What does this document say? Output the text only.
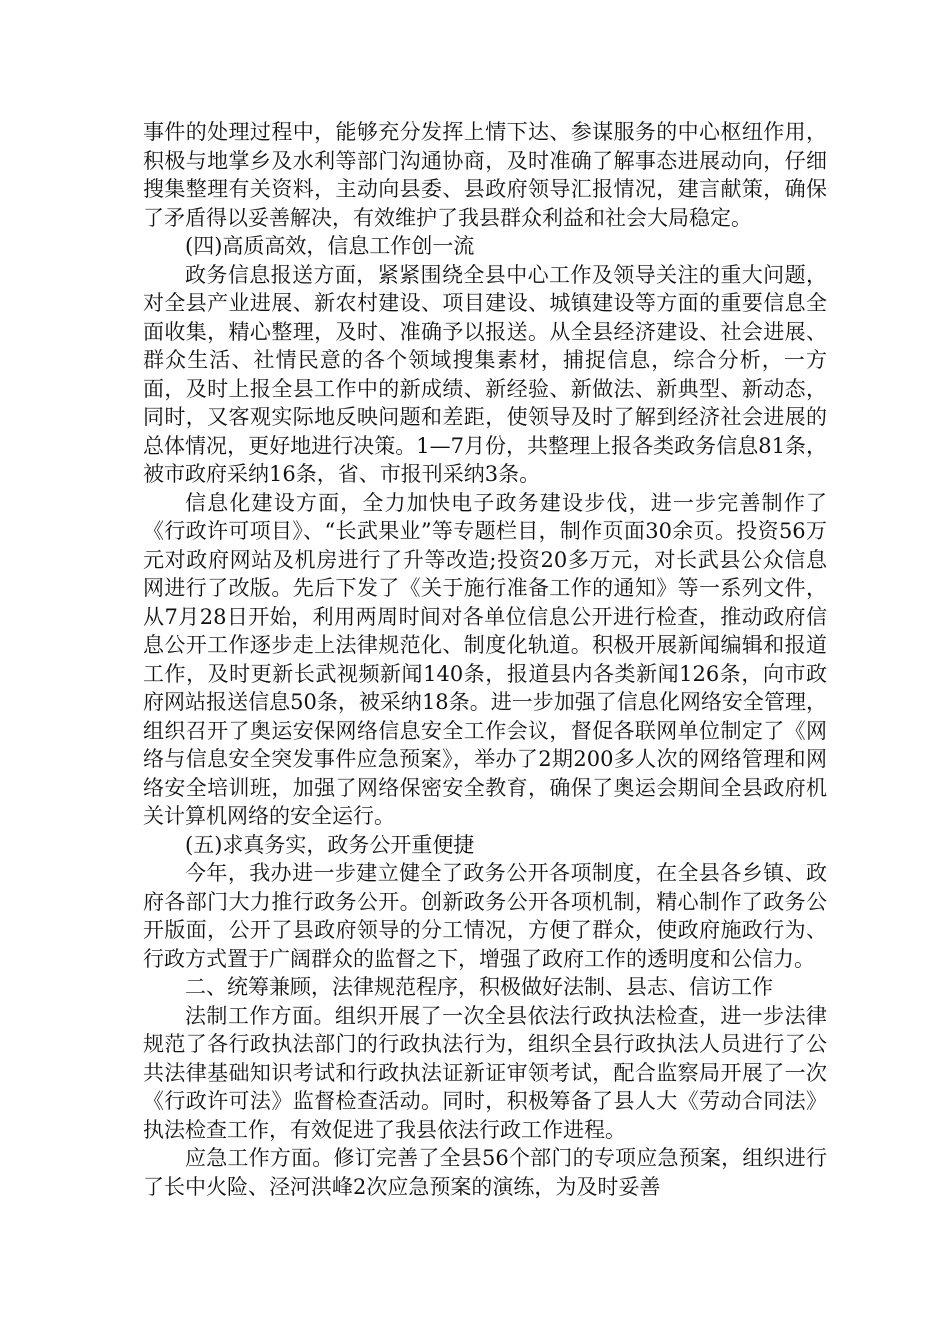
事件的处理过程中，能够充分发挥上情下达、参谋服务的中心枢纽作用，积极与地掌乡及水利等部门沟通协商，及时准确了解事态进展动向，仔细搜集整理有关资料，主动向县委、县政府领导汇报情况，建言献策，确保了矛盾得以妥善解决，有效维护了我县群众利益和社会大局稳定。

(四)高质高效，信息工作创一流

政务信息报送方面，紧紧围绕全县中心工作及领导关注的重大问题，对全县产业进展、新农村建设、项目建设、城镇建设等方面的重要信息全面收集，精心整理，及时、准确予以报送。从全县经济建设、社会进展、群众生活、社情民意的各个领域搜集素材，捕捉信息，综合分析，一方面，及时上报全县工作中的新成绩、新经验、新做法、新典型、新动态，同时，又客观实际地反映问题和差距，使领导及时了解到经济社会进展的总体情况，更好地进行决策。1—7月份，共整理上报各类政务信息81条，被市政府采纳16条，省、市报刊采纳3条。

信息化建设方面，全力加快电子政务建设步伐，进一步完善制作了《行政许可项目》、“长武果业”等专题栏目，制作页面30余页。投资56万元对政府网站及机房进行了升等改造;投资20多万元，对长武县公众信息网进行了改版。先后下发了《关于施行准备工作的通知》等一系列文件，从7月28日开始，利用两周时间对各单位信息公开进行检查，推动政府信息公开工作逐步走上法律规范化、制度化轨道。积极开展新闻编辑和报道工作，及时更新长武视频新闻140条，报道县内各类新闻126条，向市政府网站报送信息50条，被采纳18条。进一步加强了信息化网络安全管理，组织召开了奥运安保网络信息安全工作会议，督促各联网单位制定了《网络与信息安全突发事件应急预案》，举办了2期200多人次的网络管理和网络安全培训班，加强了网络保密安全教育，确保了奥运会期间全县政府机关计算机网络的安全运行。

(五)求真务实，政务公开重便捷

今年，我办进一步建立健全了政务公开各项制度，在全县各乡镇、政府各部门大力推行政务公开。创新政务公开各项机制，精心制作了政务公开版面，公开了县政府领导的分工情况，方便了群众，使政府施政行为、行政方式置于广阔群众的监督之下，增强了政府工作的透明度和公信力。

二、统筹兼顾，法律规范程序，积极做好法制、县志、信访工作

法制工作方面。组织开展了一次全县依法行政执法检查，进一步法律规范了各行政执法部门的行政执法行为，组织全县行政执法人员进行了公共法律基础知识考试和行政执法证新证审领考试，配合监察局开展了一次《行政许可法》监督检查活动。同时，积极筹备了县人大《劳动合同法》执法检查工作，有效促进了我县依法行政工作进程。

应急工作方面。修订完善了全县56个部门的专项应急预案，组织进行了长中火险、泾河洪峰2次应急预案的演练，为及时妥善
